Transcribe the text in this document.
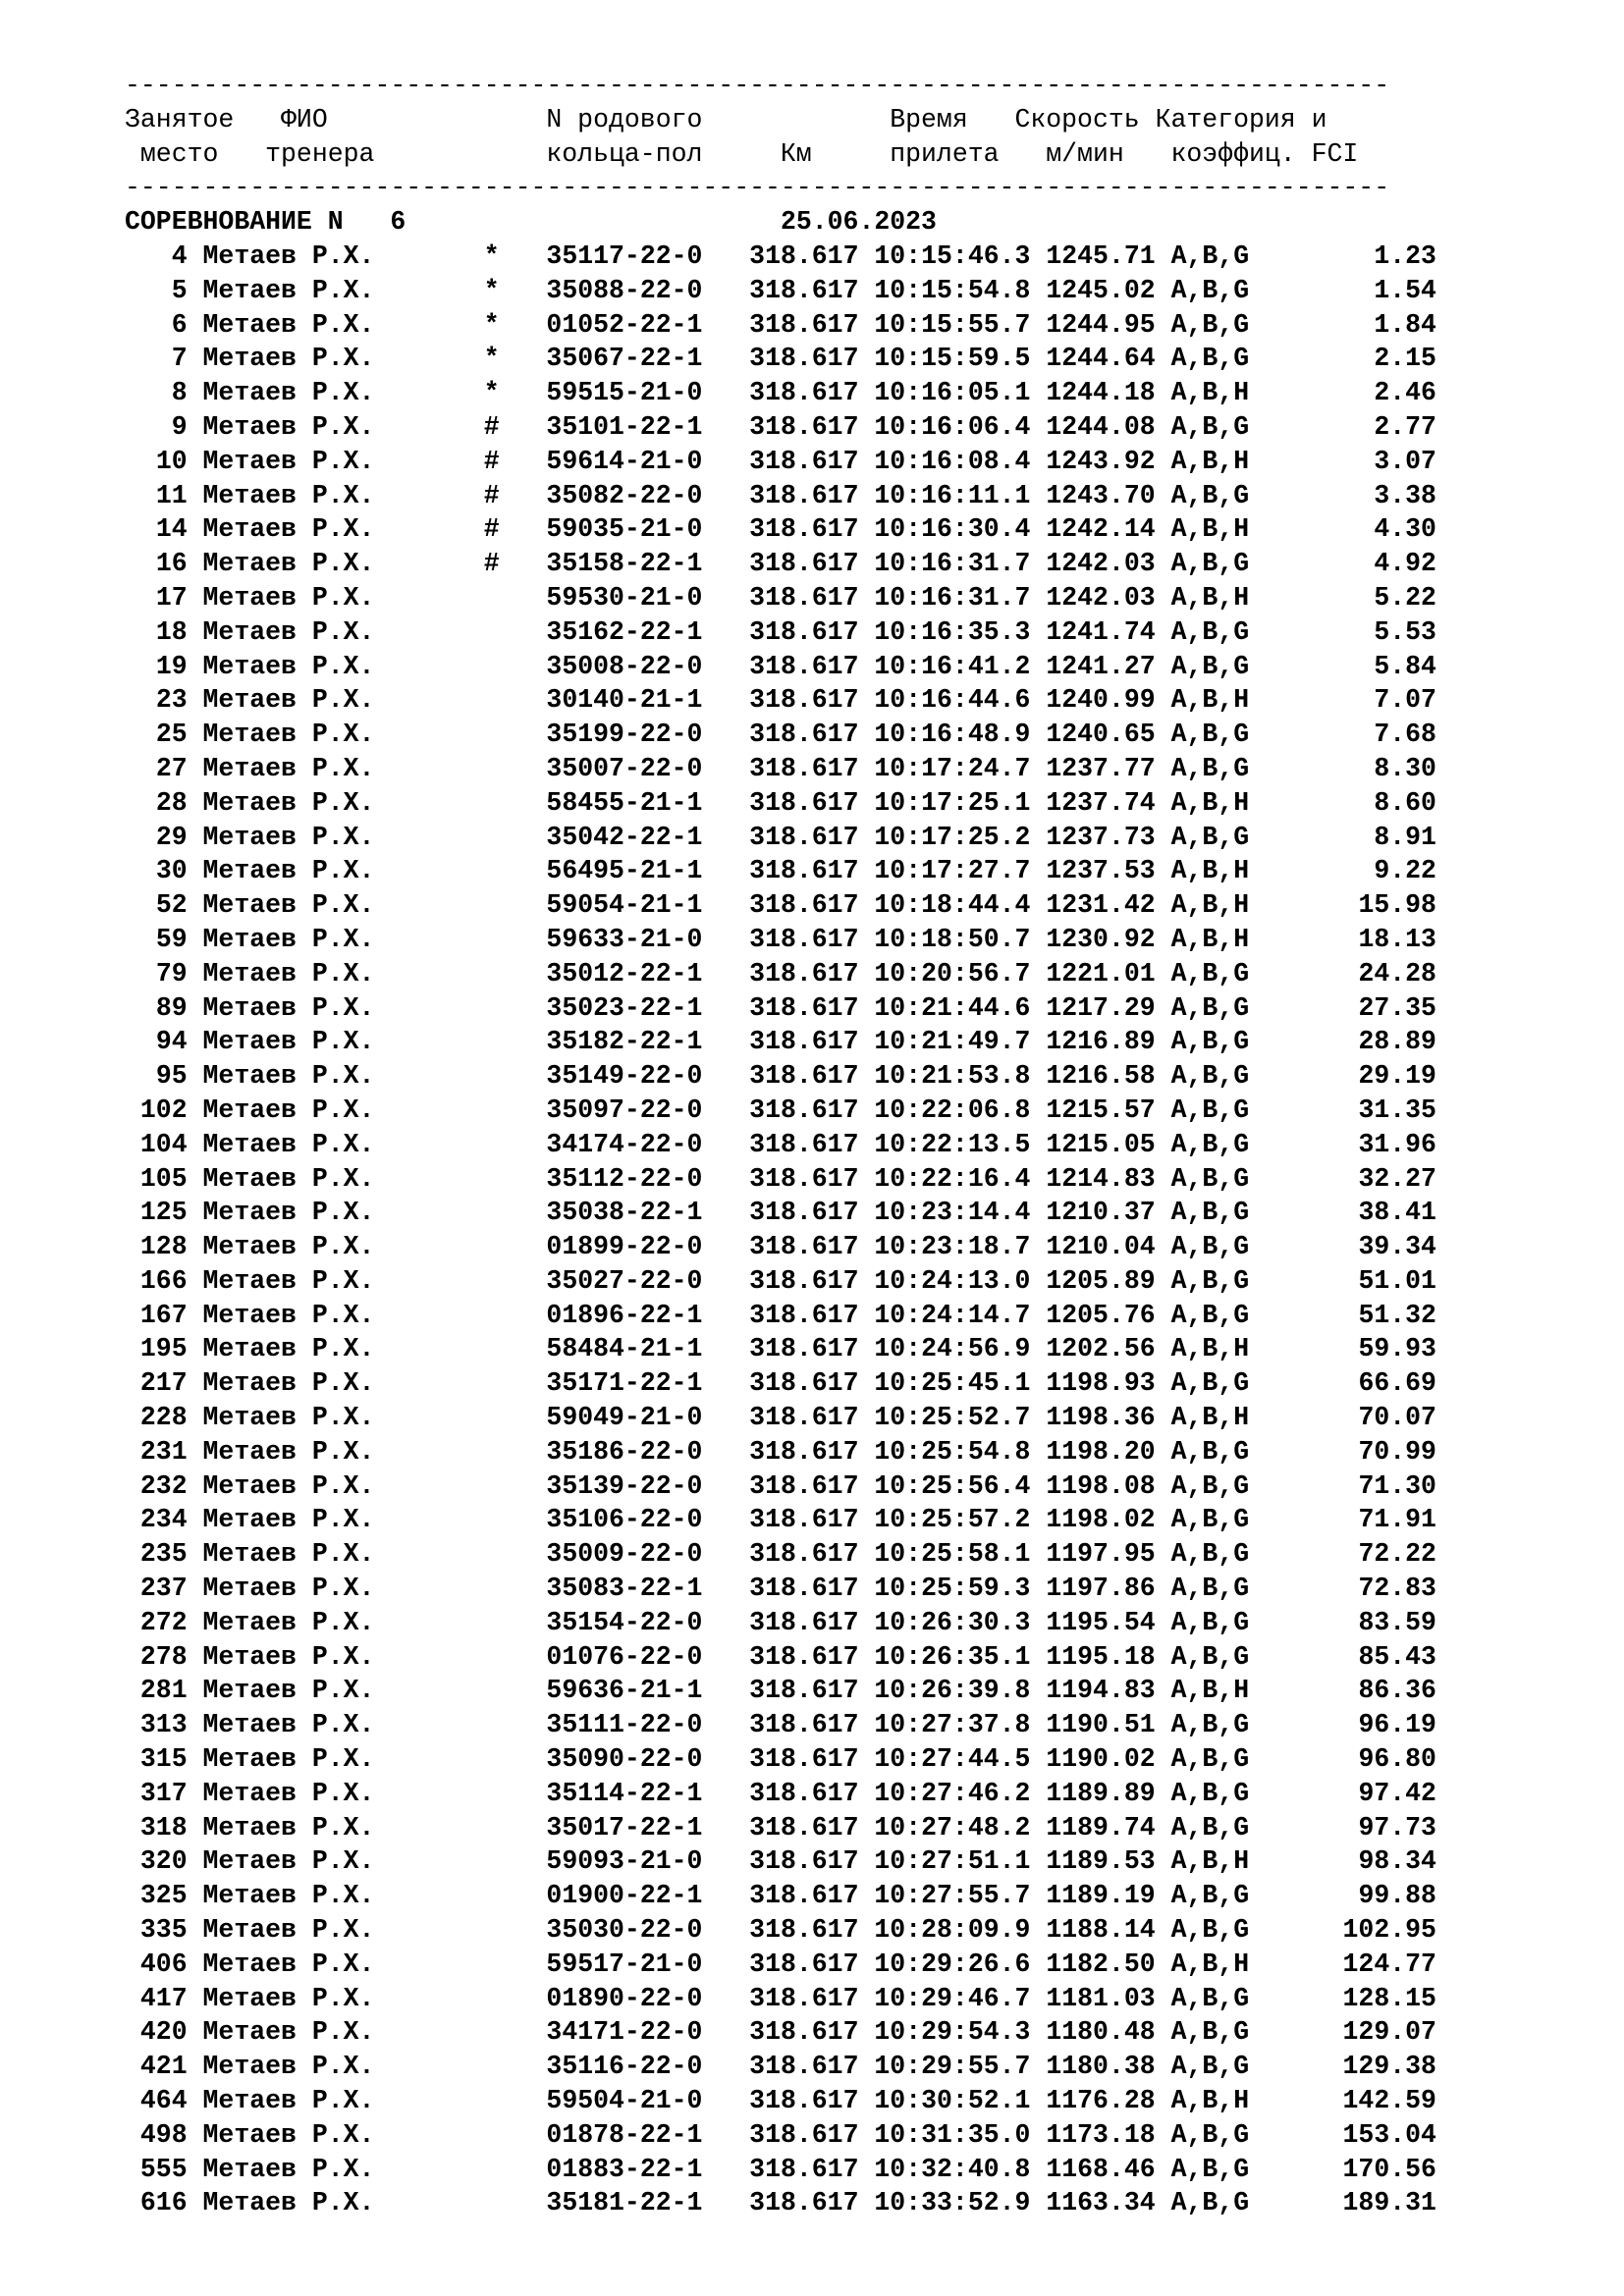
---------------------------------------------------------------------------------
Занятое   ФИО              N родового            Время   Скорость Категория и
место   тренера           кольца-пол     Км     прилета   м/мин   коэффиц. FCI
---------------------------------------------------------------------------------
СОРЕВНОВАНИЕ N 6	25.06.2023
4 Метаев Р.Х.	* 35117-22-0 318.617 10:15:46.3 1245.71 A,B,G	1.23
5 Метаев Р.Х.	* 35088-22-0 318.617 10:15:54.8 1245.02 A,B,G	1.54
6 Метаев Р.Х.	* 01052-22-1 318.617 10:15:55.7 1244.95 A,B,G	1.84
7 Метаев Р.Х.	* 35067-22-1 318.617 10:15:59.5 1244.64 A,B,G	2.15
8 Метаев Р.Х.	* 59515-21-0 318.617 10:16:05.1 1244.18 A,B,H	2.46
9 Метаев Р.Х.	# 35101-22-1 318.617 10:16:06.4 1244.08 A,B,G	2.77
10 Метаев Р.Х.	# 59614-21-0 318.617 10:16:08.4 1243.92 A,B,H	3.07
11 Метаев Р.Х.	# 35082-22-0 318.617 10:16:11.1 1243.70 A,B,G	3.38
14 Метаев Р.Х.	# 59035-21-0 318.617 10:16:30.4 1242.14 A,B,H	4.30
16 Метаев Р.Х.	# 35158-22-1 318.617 10:16:31.7 1242.03 A,B,G	4.92
17 Метаев Р.Х.	59530-21-0 318.617 10:16:31.7 1242.03 A,B,H	5.22
18 Метаев Р.Х.	35162-22-1 318.617 10:16:35.3 1241.74 A,B,G	5.53
19 Метаев Р.Х.	35008-22-0 318.617 10:16:41.2 1241.27 A,B,G	5.84
23 Метаев Р.Х.	30140-21-1 318.617 10:16:44.6 1240.99 A,B,H	7.07
25 Метаев Р.Х.	35199-22-0 318.617 10:16:48.9 1240.65 A,B,G	7.68
27 Метаев Р.Х.	35007-22-0 318.617 10:17:24.7 1237.77 A,B,G	8.30
28 Метаев Р.Х.	58455-21-1 318.617 10:17:25.1 1237.74 A,B,H	8.60
29 Метаев Р.Х.	35042-22-1 318.617 10:17:25.2 1237.73 A,B,G	8.91
30 Метаев Р.Х.	56495-21-1 318.617 10:17:27.7 1237.53 A,B,H	9.22
52 Метаев Р.Х.	59054-21-1 318.617 10:18:44.4 1231.42 A,B,H	15.98
59 Метаев Р.Х.	59633-21-0 318.617 10:18:50.7 1230.92 A,B,H	18.13
79 Метаев Р.Х.	35012-22-1 318.617 10:20:56.7 1221.01 A,B,G	24.28
89 Метаев Р.Х.	35023-22-1 318.617 10:21:44.6 1217.29 A,B,G	27.35
94 Метаев Р.Х.	35182-22-1 318.617 10:21:49.7 1216.89 A,B,G	28.89
95 Метаев Р.Х.	35149-22-0 318.617 10:21:53.8 1216.58 A,B,G	29.19
102 Метаев Р.Х.	35097-22-0 318.617 10:22:06.8 1215.57 A,B,G	31.35
104 Метаев Р.Х.	34174-22-0 318.617 10:22:13.5 1215.05 A,B,G	31.96
105 Метаев Р.Х.	35112-22-0 318.617 10:22:16.4 1214.83 A,B,G	32.27
125 Метаев Р.Х.	35038-22-1 318.617 10:23:14.4 1210.37 A,B,G	38.41
128 Метаев Р.Х.	01899-22-0 318.617 10:23:18.7 1210.04 A,B,G	39.34
166 Метаев Р.Х.	35027-22-0 318.617 10:24:13.0 1205.89 A,B,G	51.01
167 Метаев Р.Х.	01896-22-1 318.617 10:24:14.7 1205.76 A,B,G	51.32
195 Метаев Р.Х.	58484-21-1 318.617 10:24:56.9 1202.56 A,B,H	59.93
217 Метаев Р.Х.	35171-22-1 318.617 10:25:45.1 1198.93 A,B,G	66.69
228 Метаев Р.Х.	59049-21-0 318.617 10:25:52.7 1198.36 A,B,H	70.07
231 Метаев Р.Х.	35186-22-0 318.617 10:25:54.8 1198.20 A,B,G	70.99
232 Метаев Р.Х.	35139-22-0 318.617 10:25:56.4 1198.08 A,B,G	71.30
234 Метаев Р.Х.	35106-22-0 318.617 10:25:57.2 1198.02 A,B,G	71.91
235 Метаев Р.Х.	35009-22-0 318.617 10:25:58.1 1197.95 A,B,G	72.22
237 Метаев Р.Х.	35083-22-1 318.617 10:25:59.3 1197.86 A,B,G	72.83
272 Метаев Р.Х.	35154-22-0 318.617 10:26:30.3 1195.54 A,B,G	83.59
278 Метаев Р.Х.	01076-22-0 318.617 10:26:35.1 1195.18 A,B,G	85.43
281 Метаев Р.Х.	59636-21-1 318.617 10:26:39.8 1194.83 A,B,H	86.36
313 Метаев Р.Х.	35111-22-0 318.617 10:27:37.8 1190.51 A,B,G	96.19
315 Метаев Р.Х.	35090-22-0 318.617 10:27:44.5 1190.02 A,B,G	96.80
317 Метаев Р.Х.	35114-22-1 318.617 10:27:46.2 1189.89 A,B,G	97.42
318 Метаев Р.Х.	35017-22-1 318.617 10:27:48.2 1189.74 A,B,G	97.73
320 Метаев Р.Х.	59093-21-0 318.617 10:27:51.1 1189.53 A,B,H	98.34
325 Метаев Р.Х.	01900-22-1 318.617 10:27:55.7 1189.19 A,B,G	99.88
335 Метаев Р.Х.	35030-22-0 318.617 10:28:09.9 1188.14 A,B,G	102.95
406 Метаев Р.Х.	59517-21-0 318.617 10:29:26.6 1182.50 A,B,H	124.77
417 Метаев Р.Х.	01890-22-0 318.617 10:29:46.7 1181.03 A,B,G	128.15
420 Метаев Р.Х.	34171-22-0 318.617 10:29:54.3 1180.48 A,B,G	129.07
421 Метаев Р.Х.	35116-22-0 318.617 10:29:55.7 1180.38 A,B,G	129.38
464 Метаев Р.Х.	59504-21-0 318.617 10:30:52.1 1176.28 A,B,H	142.59
498 Метаев Р.Х.	01878-22-1 318.617 10:31:35.0 1173.18 A,B,G	153.04
555 Метаев Р.Х.	01883-22-1 318.617 10:32:40.8 1168.46 A,B,G	170.56
616 Метаев Р.Х.	35181-22-1 318.617 10:33:52.9 1163.34 A,B,G	189.31
